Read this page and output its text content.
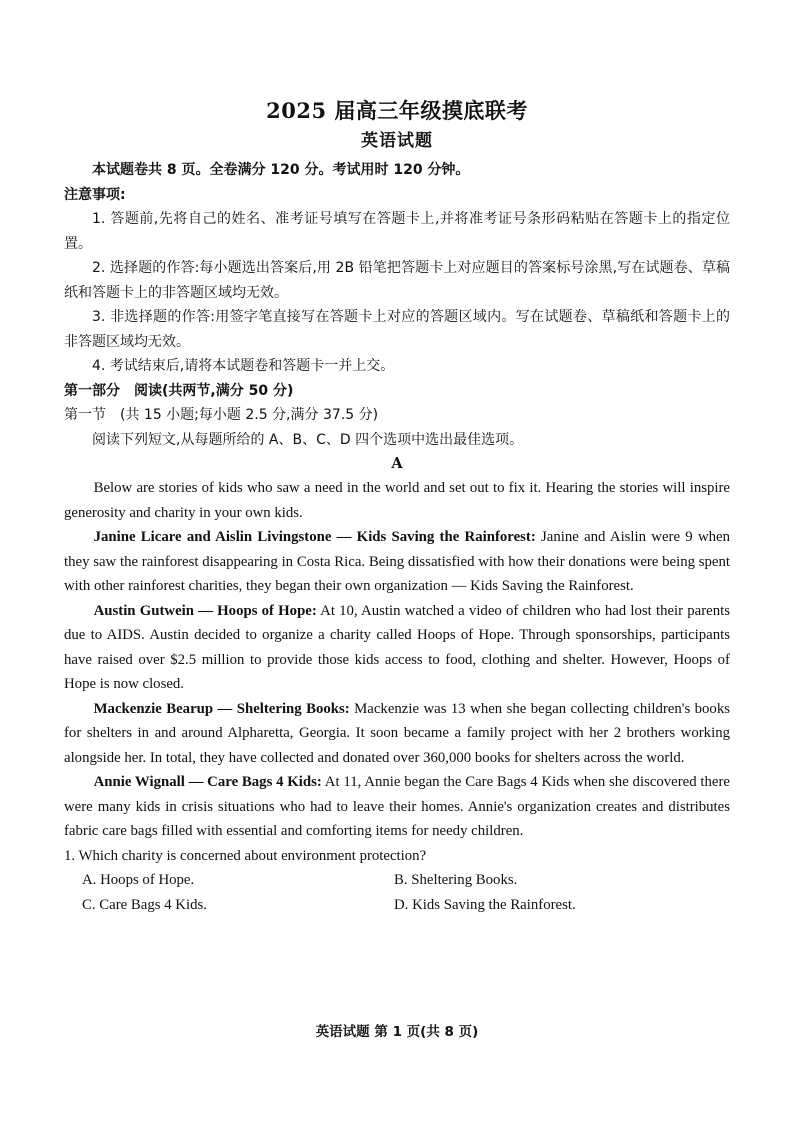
2025 届高三年级摸底联考
英语试题

本试题卷共 8 页。全卷满分 120 分。考试用时 120 分钟。

注意事项:

1. 答题前,先将自己的姓名、准考证号填写在答题卡上,并将准考证号条形码粘贴在答题卡上的指定位置。

2. 选择题的作答:每小题选出答案后,用 2B 铅笔把答题卡上对应题目的答案标号涂黑,写在试题卷、草稿纸和答题卡上的非答题区域均无效。

3. 非选择题的作答:用签字笔直接写在答题卡上对应的答题区域内。写在试题卷、草稿纸和答题卡上的非答题区域均无效。

4. 考试结束后,请将本试题卷和答题卡一并上交。

第一部分　阅读(共两节,满分 50 分)

第一节　(共 15 小题;每小题 2.5 分,满分 37.5 分)

阅读下列短文,从每题所给的 A、B、C、D 四个选项中选出最佳选项。

A

Below are stories of kids who saw a need in the world and set out to fix it. Hearing the stories will inspire generosity and charity in your own kids.

Janine Licare and Aislin Livingstone — Kids Saving the Rainforest: Janine and Aislin were 9 when they saw the rainforest disappearing in Costa Rica. Being dissatisfied with how their donations were being spent with other rainforest charities, they began their own organization — Kids Saving the Rainforest.

Austin Gutwein — Hoops of Hope: At 10, Austin watched a video of children who had lost their parents due to AIDS. Austin decided to organize a charity called Hoops of Hope. Through sponsorships, participants have raised over $2.5 million to provide those kids access to food, clothing and shelter. However, Hoops of Hope is now closed.

Mackenzie Bearup — Sheltering Books: Mackenzie was 13 when she began collecting children's books for shelters in and around Alpharetta, Georgia. It soon became a family project with her 2 brothers working alongside her. In total, they have collected and donated over 360,000 books for shelters across the world.

Annie Wignall — Care Bags 4 Kids: At 11, Annie began the Care Bags 4 Kids when she discovered there were many kids in crisis situations who had to leave their homes. Annie's organization creates and distributes fabric care bags filled with essential and comforting items for needy children.

1. Which charity is concerned about environment protection?

A. Hoops of Hope.	B. Sheltering Books.
C. Care Bags 4 Kids.	D. Kids Saving the Rainforest.
英语试题 第 1 页(共 8 页)
